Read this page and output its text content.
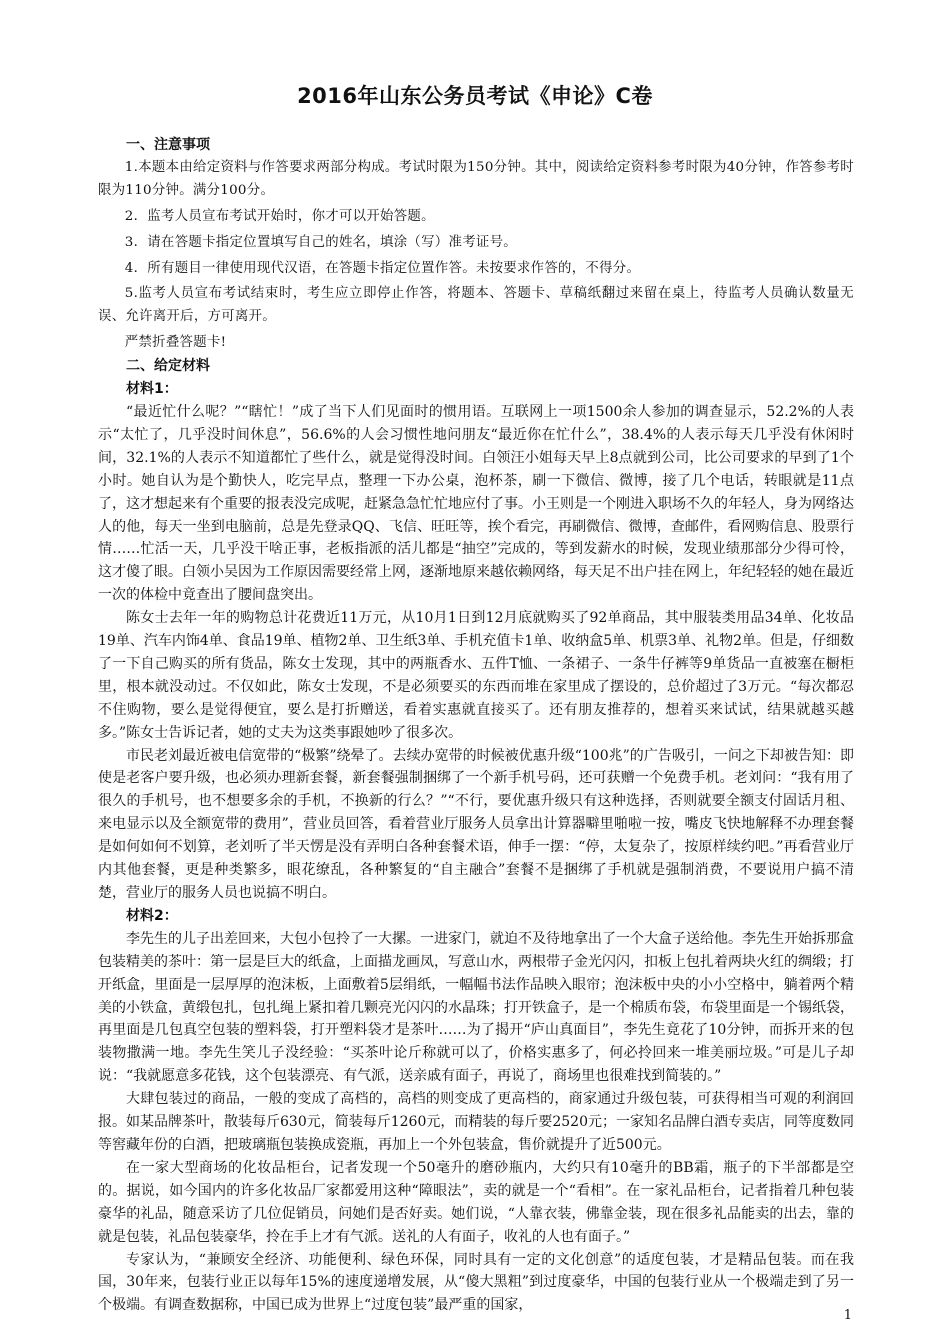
2016年山东公务员考试《申论》C卷
一、注意事项

1.本题本由给定资料与作答要求两部分构成。考试时限为150分钟。其中，阅读给定资料参考时限为40分钟，作答参考时限为110分钟。满分100分。

2．监考人员宣布考试开始时，你才可以开始答题。

3．请在答题卡指定位置填写自己的姓名，填涂（写）准考证号。

4．所有题目一律使用现代汉语，在答题卡指定位置作答。未按要求作答的，不得分。

5.监考人员宣布考试结束时，考生应立即停止作答，将题本、答题卡、草稿纸翻过来留在桌上，待监考人员确认数量无误、允许离开后，方可离开。

严禁折叠答题卡!

二、给定材料
材料1：

“最近忙什么呢？”“瞎忙！”成了当下人们见面时的惯用语。互联网上一项1500余人参加的调查显示，52.2%的人表示“太忙了，几乎没时间休息”，56.6%的人会习惯性地问朋友“最近你在忙什么”，38.4%的人表示每天几乎没有休闲时间，32.1%的人表示不知道都忙了些什么，就是觉得没时间。白领汪小姐每天早上8点就到公司，比公司要求的早到了1个小时。她自认为是个勤快人，吃完早点，整理一下办公桌，泡杯茶，刷一下微信、微博，接了几个电话，转眼就是11点了，这才想起来有个重要的报表没完成呢，赶紧急急忙忙地应付了事。小王则是一个刚进入职场不久的年轻人，身为网络达人的他，每天一坐到电脑前，总是先登录QQ、飞信、旺旺等，挨个看完，再刷微信、微博，查邮件，看网购信息、股票行情……忙活一天，几乎没干啥正事，老板指派的活儿都是“抽空”完成的，等到发薪水的时候，发现业绩那部分少得可怜，这才傻了眼。白领小吴因为工作原因需要经常上网，逐渐地原来越依赖网络，每天足不出户挂在网上，年纪轻轻的她在最近一次的体检中竟查出了腰间盘突出。

陈女士去年一年的购物总计花费近11万元，从10月1日到12月底就购买了92单商品，其中服装类用品34单、化妆品19单、汽车内饰4单、食品19单、植物2单、卫生纸3单、手机充值卡1单、收纳盒5单、机票3单、礼物2单。但是，仔细数了一下自己购买的所有货品，陈女士发现，其中的两瓶香水、五件T恤、一条裙子、一条牛仔裤等9单货品一直被塞在橱柜里，根本就没动过。不仅如此，陈女士发现，不是必须要买的东西而堆在家里成了摆设的，总价超过了3万元。“每次都忍不住购物，要么是觉得便宜，要么是打折赠送，看着实惠就直接买了。还有朋友推荐的，想着买来试试，结果就越买越多。”陈女士告诉记者，她的丈夫为这类事跟她吵了很多次。

市民老刘最近被电信宽带的“极繁”绕晕了。去续办宽带的时候被优惠升级“100兆”的广告吸引，一问之下却被告知：即使是老客户要升级，也必须办理新套餐，新套餐强制捆绑了一个新手机号码，还可获赠一个免费手机。老刘问：“我有用了很久的手机号，也不想要多余的手机，不换新的行么？”“不行，要优惠升级只有这种选择，否则就要全额支付固话月租、来电显示以及全额宽带的费用”，营业员回答，看着营业厅服务人员拿出计算器噼里啪啦一按，嘴皮飞快地解释不办理套餐是如何如何不划算，老刘听了半天愣是没有弄明白各种套餐术语，伸手一摆：“停，太复杂了，按原样续约吧。”再看营业厅内其他套餐，更是种类繁多，眼花缭乱，各种繁复的“自主融合”套餐不是捆绑了手机就是强制消费，不要说用户搞不清楚，营业厅的服务人员也说搞不明白。

材料2：

李先生的儿子出差回来，大包小包拎了一大摞。一进家门，就迫不及待地拿出了一个大盒子送给他。李先生开始拆那盒包装精美的茶叶：第一层是巨大的纸盒，上面描龙画凤，写意山水，两根带子金光闪闪，扣板上包扎着两块火红的绸缎；打开纸盒，里面是一层厚厚的泡沫板，上面敷着5层绢纸，一幅幅书法作品映入眼帘；泡沫板中央的小小空格中，躺着两个精美的小铁盒，黄缎包扎，包扎绳上紧扣着几颗亮光闪闪的水晶珠；打开铁盒子，是一个棉质布袋，布袋里面是一个锡纸袋，再里面是几包真空包装的塑料袋，打开塑料袋才是茶叶……为了揭开“庐山真面目”，李先生竟花了10分钟，而拆开来的包装物撒满一地。李先生笑儿子没经验：“买茶叶论斤称就可以了，价格实惠多了，何必拎回来一堆美丽垃圾。”可是儿子却说：“我就愿意多花钱，这个包装漂亮、有气派，送亲戚有面子，再说了，商场里也很难找到简装的。”

大肆包装过的商品，一般的变成了高档的，高档的则变成了更高档的，商家通过升级包装，可获得相当可观的利润回报。如某品牌茶叶，散装每斤630元，简装每斤1260元，而精装的每斤要2520元；一家知名品牌白酒专卖店，同等度数同等窖藏年份的白酒，把玻璃瓶包装换成瓷瓶，再加上一个外包装盒，售价就提升了近500元。

在一家大型商场的化妆品柜台，记者发现一个50毫升的磨砂瓶内，大约只有10毫升的BB霜，瓶子的下半部都是空的。据说，如今国内的许多化妆品厂家都爱用这种“障眼法”，卖的就是一个“看相”。在一家礼品柜台，记者指着几种包装豪华的礼品，随意采访了几位促销员，问她们是否好卖。她们说，“人靠衣装，佛靠金装，现在很多礼品能卖的出去，靠的就是包装，礼品包装豪华，拎在手上才有气派。送礼的人有面子，收礼的人也有面子。”

专家认为，“兼顾安全经济、功能便利、绿色环保，同时具有一定的文化创意”的适度包装，才是精品包装。而在我国，30年来，包装行业正以每年15%的速度递增发展，从“傻大黑粗”到过度豪华，中国的包装行业从一个极端走到了另一个极端。有调查数据称，中国已成为世界上“过度包装”最严重的国家，

1
